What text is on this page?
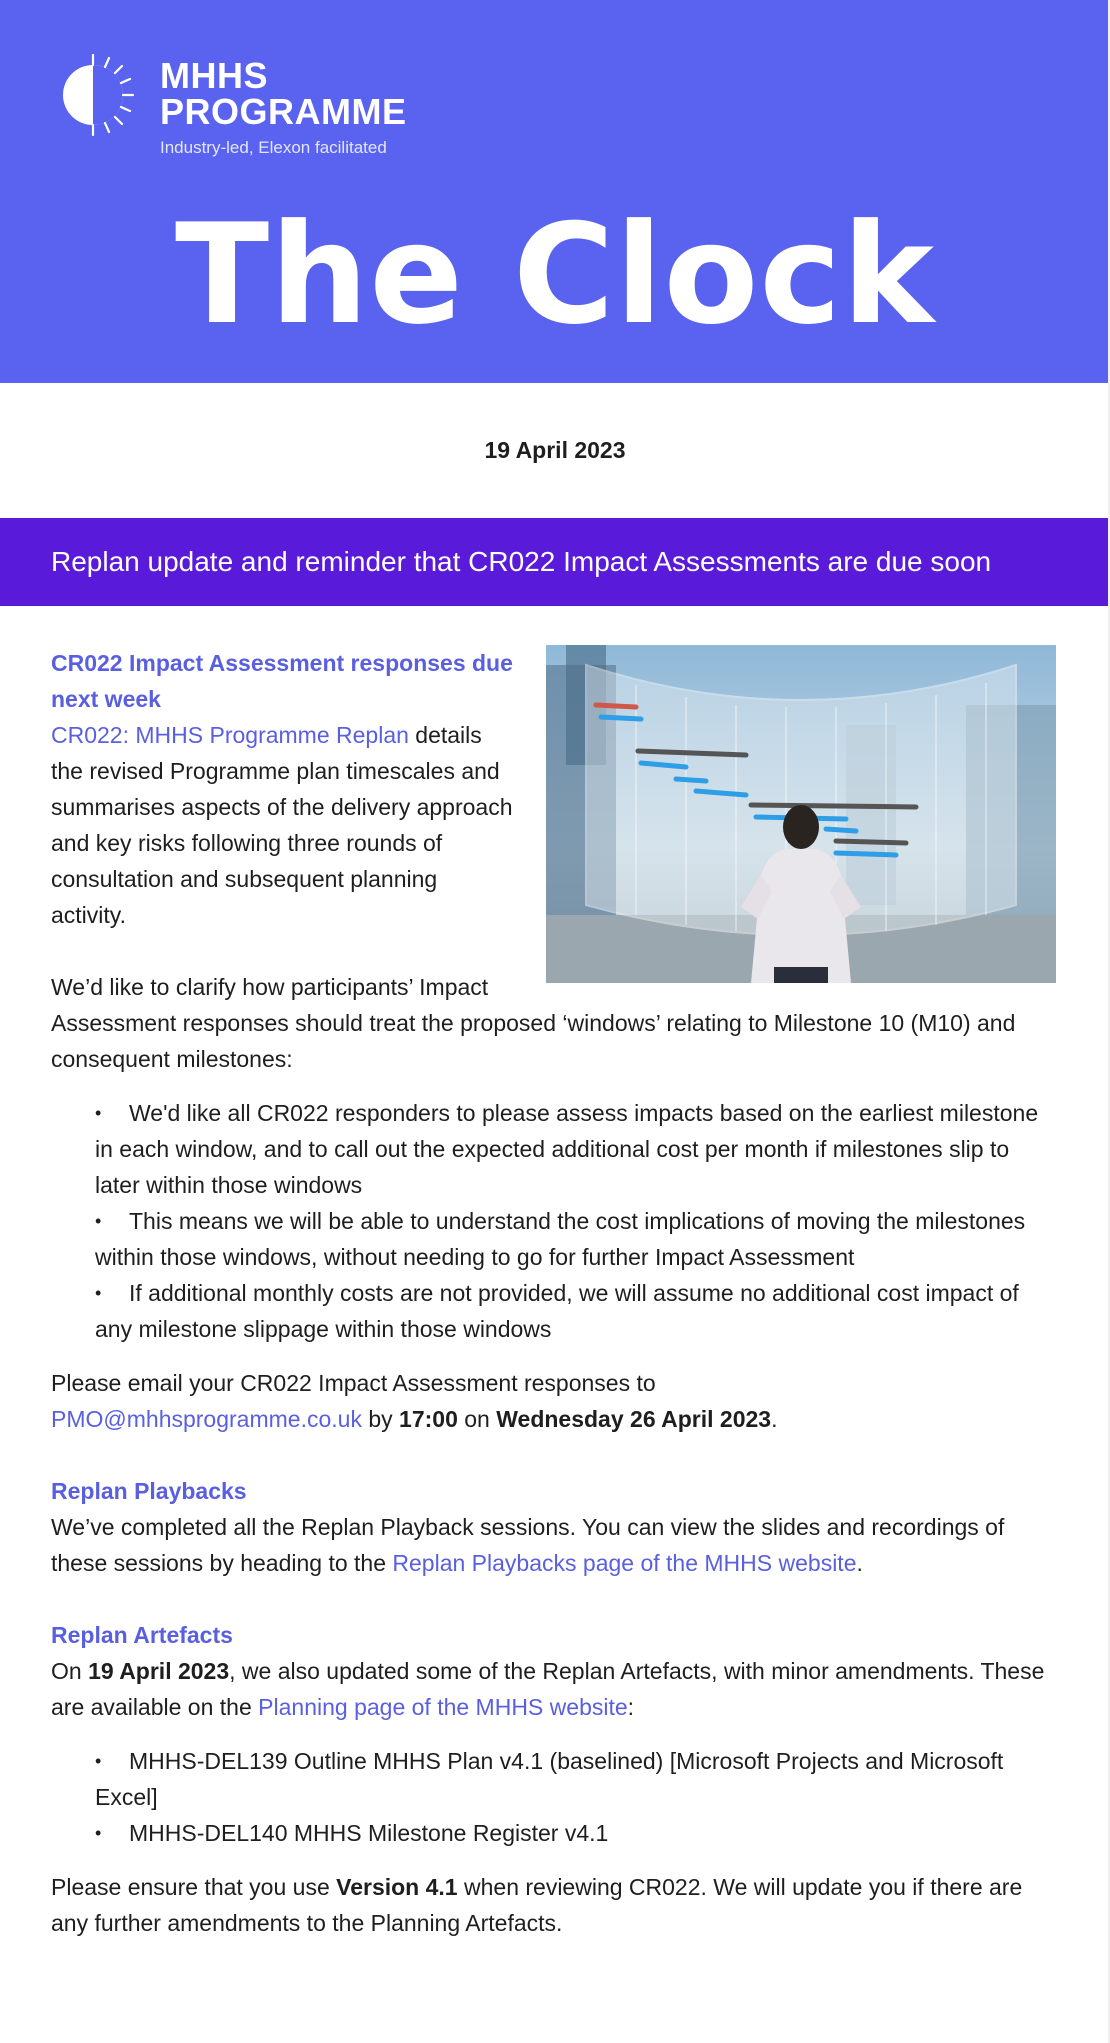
MHHS
PROGRAMME
Industry-led, Elexon facilitated
The Clock
19 April 2023
Replan update and reminder that CR022 Impact Assessments are due soon

CR022 Impact Assessment responses due next week
CR022: MHHS Programme Replan details the revised Programme plan timescales and summarises aspects of the delivery approach and key risks following three rounds of consultation and subsequent planning activity.

We’d like to clarify how participants’ Impact Assessment responses should treat the proposed ‘windows’ relating to Milestone 10 (M10) and consequent milestones:

• We'd like all CR022 responders to please assess impacts based on the earliest milestone in each window, and to call out the expected additional cost per month if milestones slip to later within those windows
• This means we will be able to understand the cost implications of moving the milestones within those windows, without needing to go for further Impact Assessment
• If additional monthly costs are not provided, we will assume no additional cost impact of any milestone slippage within those windows

Please email your CR022 Impact Assessment responses to
PMO@mhhsprogramme.co.uk by 17:00 on Wednesday 26 April 2023.

Replan Playbacks
We’ve completed all the Replan Playback sessions. You can view the slides and recordings of these sessions by heading to the Replan Playbacks page of the MHHS website.

Replan Artefacts
On 19 April 2023, we also updated some of the Replan Artefacts, with minor amendments. These are available on the Planning page of the MHHS website:

• MHHS-DEL139 Outline MHHS Plan v4.1 (baselined) [Microsoft Projects and Microsoft Excel]
• MHHS-DEL140 MHHS Milestone Register v4.1

Please ensure that you use Version 4.1 when reviewing CR022. We will update you if there are any further amendments to the Planning Artefacts.
